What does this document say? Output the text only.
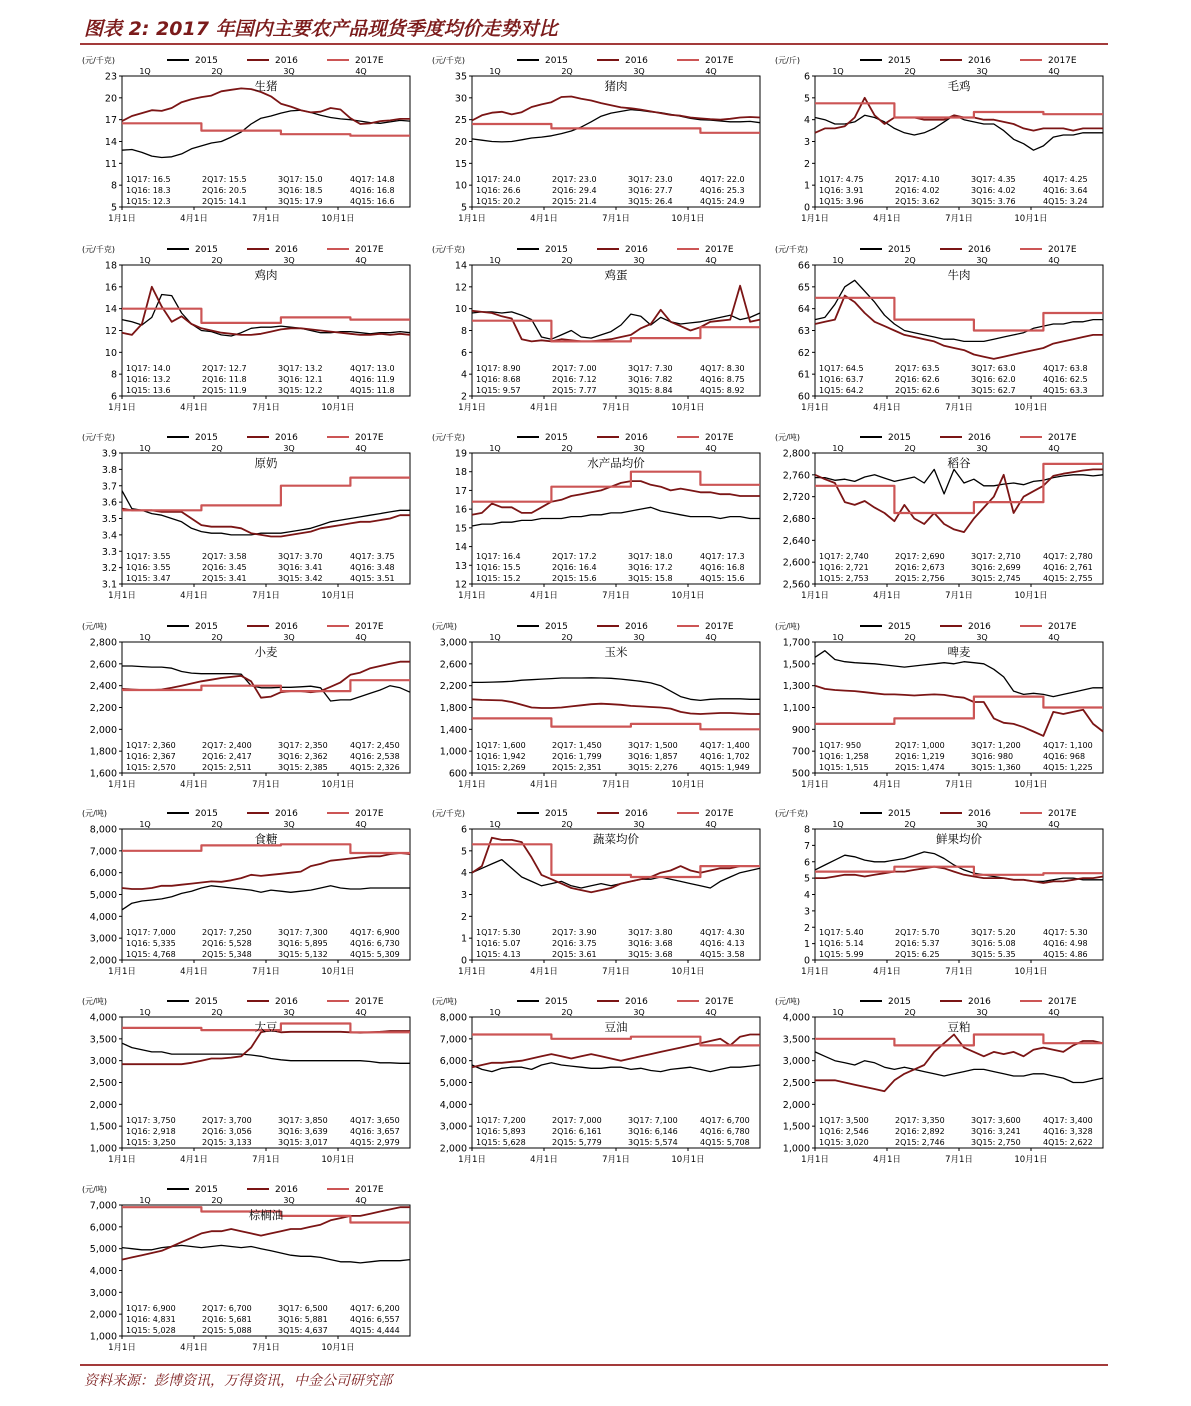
图表 2: 2017 年国内主要农产品现货季度均价走势对比
(元/千克)	2015	2016	2017E
1Q	2Q	3Q	4Q
5
8
11
14
17
20
23
1月1日	4月1日	7月1日	10月1日
生猪
1Q17: 16.5	2Q17: 15.5	3Q17: 15.0	4Q17: 14.8
1Q16: 18.3	2Q16: 20.5	3Q16: 18.5	4Q16: 16.8
1Q15: 12.3	2Q15: 14.1	3Q15: 17.9	4Q15: 16.6
(元/千克)	2015	2016	2017E
1Q	2Q	3Q	4Q
5
10
15
20
25
30
35
1月1日	4月1日	7月1日	10月1日
猪肉
1Q17: 24.0	2Q17: 23.0	3Q17: 23.0	4Q17: 22.0
1Q16: 26.6	2Q16: 29.4	3Q16: 27.7	4Q16: 25.3
1Q15: 20.2	2Q15: 21.4	3Q15: 26.4	4Q15: 24.9
(元/斤)	2015	2016	2017E
1Q	2Q	3Q	4Q
0
1
2
3
4
5
6
1月1日	4月1日	7月1日	10月1日
毛鸡
1Q17: 4.75	2Q17: 4.10	3Q17: 4.35	4Q17: 4.25
1Q16: 3.91	2Q16: 4.02	3Q16: 4.02	4Q16: 3.64
1Q15: 3.96	2Q15: 3.62	3Q15: 3.76	4Q15: 3.24
(元/千克)	2015	2016	2017E
1Q	2Q	3Q	4Q
6
8
10
12
14
16
18
1月1日	4月1日	7月1日	10月1日
鸡肉
1Q17: 14.0	2Q17: 12.7	3Q17: 13.2	4Q17: 13.0
1Q16: 13.2	2Q16: 11.8	3Q16: 12.1	4Q16: 11.9
1Q15: 13.6	2Q15: 11.9	3Q15: 12.2	4Q15: 11.8
(元/千克)	2015	2016	2017E
1Q	2Q	3Q	4Q
2
4
6
8
10
12
14
1月1日	4月1日	7月1日	10月1日
鸡蛋
1Q17: 8.90	2Q17: 7.00	3Q17: 7.30	4Q17: 8.30
1Q16: 8.68	2Q16: 7.12	3Q16: 7.82	4Q16: 8.75
1Q15: 9.57	2Q15: 7.77	3Q15: 8.84	4Q15: 8.92
(元/千克)	2015	2016	2017E
1Q	2Q	3Q	4Q
60
61
62
63
64
65
66
1月1日	4月1日	7月1日	10月1日
牛肉
1Q17: 64.5	2Q17: 63.5	3Q17: 63.0	4Q17: 63.8
1Q16: 63.7	2Q16: 62.6	3Q16: 62.0	4Q16: 62.5
1Q15: 64.2	2Q15: 62.6	3Q15: 62.7	4Q15: 63.3
(元/千克)	2015	2016	2017E
1Q	2Q	3Q	4Q
3.1
3.2
3.3
3.4
3.5
3.6
3.7
3.8
3.9
1月1日	4月1日	7月1日	10月1日
原奶
1Q17: 3.55	2Q17: 3.58	3Q17: 3.70	4Q17: 3.75
1Q16: 3.55	2Q16: 3.45	3Q16: 3.41	4Q16: 3.48
1Q15: 3.47	2Q15: 3.41	3Q15: 3.42	4Q15: 3.51
(元/千克)	2015	2016	2017E
1Q	2Q	3Q	4Q
12
13
14
15
16
17
18
19
1月1日	4月1日	7月1日	10月1日
水产品均价
1Q17: 16.4	2Q17: 17.2	3Q17: 18.0	4Q17: 17.3
1Q16: 15.5	2Q16: 16.4	3Q16: 17.2	4Q16: 16.8
1Q15: 15.2	2Q15: 15.6	3Q15: 15.8	4Q15: 15.6
(元/吨)	2015	2016	2017E
1Q	2Q	3Q	4Q
2,560
2,600
2,640
2,680
2,720
2,760
2,800
1月1日	4月1日	7月1日	10月1日
稻谷
1Q17: 2,740	2Q17: 2,690	3Q17: 2,710	4Q17: 2,780
1Q16: 2,721	2Q16: 2,673	3Q16: 2,699	4Q16: 2,761
1Q15: 2,753	2Q15: 2,756	3Q15: 2,745	4Q15: 2,755
(元/吨)	2015	2016	2017E
1Q	2Q	3Q	4Q
1,600
1,800
2,000
2,200
2,400
2,600
2,800
1月1日	4月1日	7月1日	10月1日
小麦
1Q17: 2,360	2Q17: 2,400	3Q17: 2,350	4Q17: 2,450
1Q16: 2,367	2Q16: 2,417	3Q16: 2,362	4Q16: 2,538
1Q15: 2,570	2Q15: 2,511	3Q15: 2,385	4Q15: 2,326
(元/吨)	2015	2016	2017E
1Q	2Q	3Q	4Q
600
1,000
1,400
1,800
2,200
2,600
3,000
1月1日	4月1日	7月1日	10月1日
玉米
1Q17: 1,600	2Q17: 1,450	3Q17: 1,500	4Q17: 1,400
1Q16: 1,942	2Q16: 1,799	3Q16: 1,857	4Q16: 1,702
1Q15: 2,269	2Q15: 2,351	3Q15: 2,276	4Q15: 1,949
(元/吨)	2015	2016	2017E
1Q	2Q	3Q	4Q
500
700
900
1,100
1,300
1,500
1,700
1月1日	4月1日	7月1日	10月1日
啤麦
1Q17: 950	2Q17: 1,000	3Q17: 1,200	4Q17: 1,100
1Q16: 1,258	2Q16: 1,219	3Q16: 980	4Q16: 968
1Q15: 1,515	2Q15: 1,474	3Q15: 1,360	4Q15: 1,225
(元/吨)	2015	2016	2017E
1Q	2Q	3Q	4Q
2,000
3,000
4,000
5,000
6,000
7,000
8,000
1月1日	4月1日	7月1日	10月1日
食糖
1Q17: 7,000	2Q17: 7,250	3Q17: 7,300	4Q17: 6,900
1Q16: 5,335	2Q16: 5,528	3Q16: 5,895	4Q16: 6,730
1Q15: 4,768	2Q15: 5,348	3Q15: 5,132	4Q15: 5,309
(元/千克)	2015	2016	2017E
1Q	2Q	3Q	4Q
0
1
2
3
4
5
6
1月1日	4月1日	7月1日	10月1日
蔬菜均价
1Q17: 5.30	2Q17: 3.90	3Q17: 3.80	4Q17: 4.30
1Q16: 5.07	2Q16: 3.75	3Q16: 3.68	4Q16: 4.13
1Q15: 4.13	2Q15: 3.61	3Q15: 3.68	4Q15: 3.58
(元/千克)	2015	2016	2017E
1Q	2Q	3Q	4Q
0
1
2
3
4
5
6
7
8
1月1日	4月1日	7月1日	10月1日
鲜果均价
1Q17: 5.40	2Q17: 5.70	3Q17: 5.20	4Q17: 5.30
1Q16: 5.14	2Q16: 5.37	3Q16: 5.08	4Q16: 4.98
1Q15: 5.99	2Q15: 6.25	3Q15: 5.35	4Q15: 4.86
(元/吨)	2015	2016	2017E
1Q	2Q	3Q	4Q
1,000
1,500
2,000
2,500
3,000
3,500
4,000
1月1日	4月1日	7月1日	10月1日
大豆
1Q17: 3,750	2Q17: 3,700	3Q17: 3,850	4Q17: 3,650
1Q16: 2,918	2Q16: 3,056	3Q16: 3,639	4Q16: 3,657
1Q15: 3,250	2Q15: 3,133	3Q15: 3,017	4Q15: 2,979
(元/吨)	2015	2016	2017E
1Q	2Q	3Q	4Q
2,000
3,000
4,000
5,000
6,000
7,000
8,000
1月1日	4月1日	7月1日	10月1日
豆油
1Q17: 7,200	2Q17: 7,000	3Q17: 7,100	4Q17: 6,700
1Q16: 5,893	2Q16: 6,161	3Q16: 6,146	4Q16: 6,780
1Q15: 5,628	2Q15: 5,779	3Q15: 5,574	4Q15: 5,708
(元/吨)	2015	2016	2017E
1Q	2Q	3Q	4Q
1,000
1,500
2,000
2,500
3,000
3,500
4,000
1月1日	4月1日	7月1日	10月1日
豆粕
1Q17: 3,500	2Q17: 3,350	3Q17: 3,600	4Q17: 3,400
1Q16: 2,546	2Q16: 2,892	3Q16: 3,241	4Q16: 3,328
1Q15: 3,020	2Q15: 2,746	3Q15: 2,750	4Q15: 2,622
(元/吨)	2015	2016	2017E
1Q	2Q	3Q	4Q
1,000
2,000
3,000
4,000
5,000
6,000
7,000
1月1日	4月1日	7月1日	10月1日
棕榈油
1Q17: 6,900	2Q17: 6,700	3Q17: 6,500	4Q17: 6,200
1Q16: 4,831	2Q16: 5,681	3Q16: 5,881	4Q16: 6,557
1Q15: 5,028	2Q15: 5,088	3Q15: 4,637	4Q15: 4,444
资料来源：彭博资讯，万得资讯，中金公司研究部
